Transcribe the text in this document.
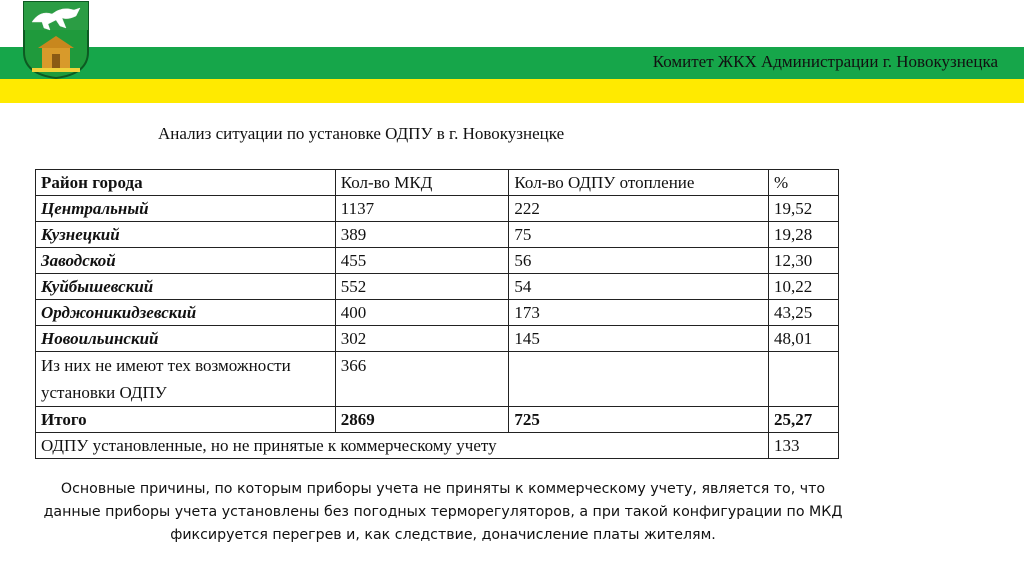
Комитет ЖКХ Администрации г. Новокузнецка
Анализ ситуации по установке ОДПУ в г. Новокузнецке
Район города	Кол-во МКД	Кол-во ОДПУ отопление	%
Центральный	1137	222	19,52
Кузнецкий	389	75	19,28
Заводской	455	56	12,30
Куйбышевский	552	54	10,22
Орджоникидзевский	400	173	43,25
Новоильинский	302	145	48,01
Из них не имеют тех возможности установки ОДПУ	366		
Итого	2869	725	25,27
ОДПУ установленные, но не принятые к коммерческому учету			133
Основные причины, по которым приборы учета не приняты к коммерческому учету, является то, что данные приборы учета установлены без погодных терморегуляторов, а при такой конфигурации по МКД фиксируется перегрев и, как следствие, доначисление платы жителям.
